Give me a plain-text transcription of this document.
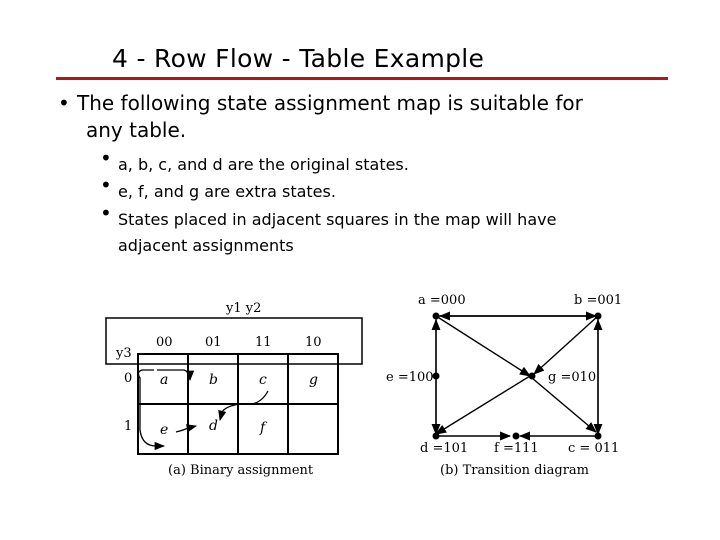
4 - Row Flow - Table Example
• The following state assignment map is suitable for
any table.
• a, b, c, and d are the original states.
• e, f, and g are extra states.
• States placed in adjacent squares in the map will have
adjacent assignments
y1 y2
y3
00 01	11	10
0
1
a	b	c	g
e	d	f
(a) Binary assignment
a =000	b =001
e =100	g =010
d =101 f =111 c = 011
(b) Transition diagram
